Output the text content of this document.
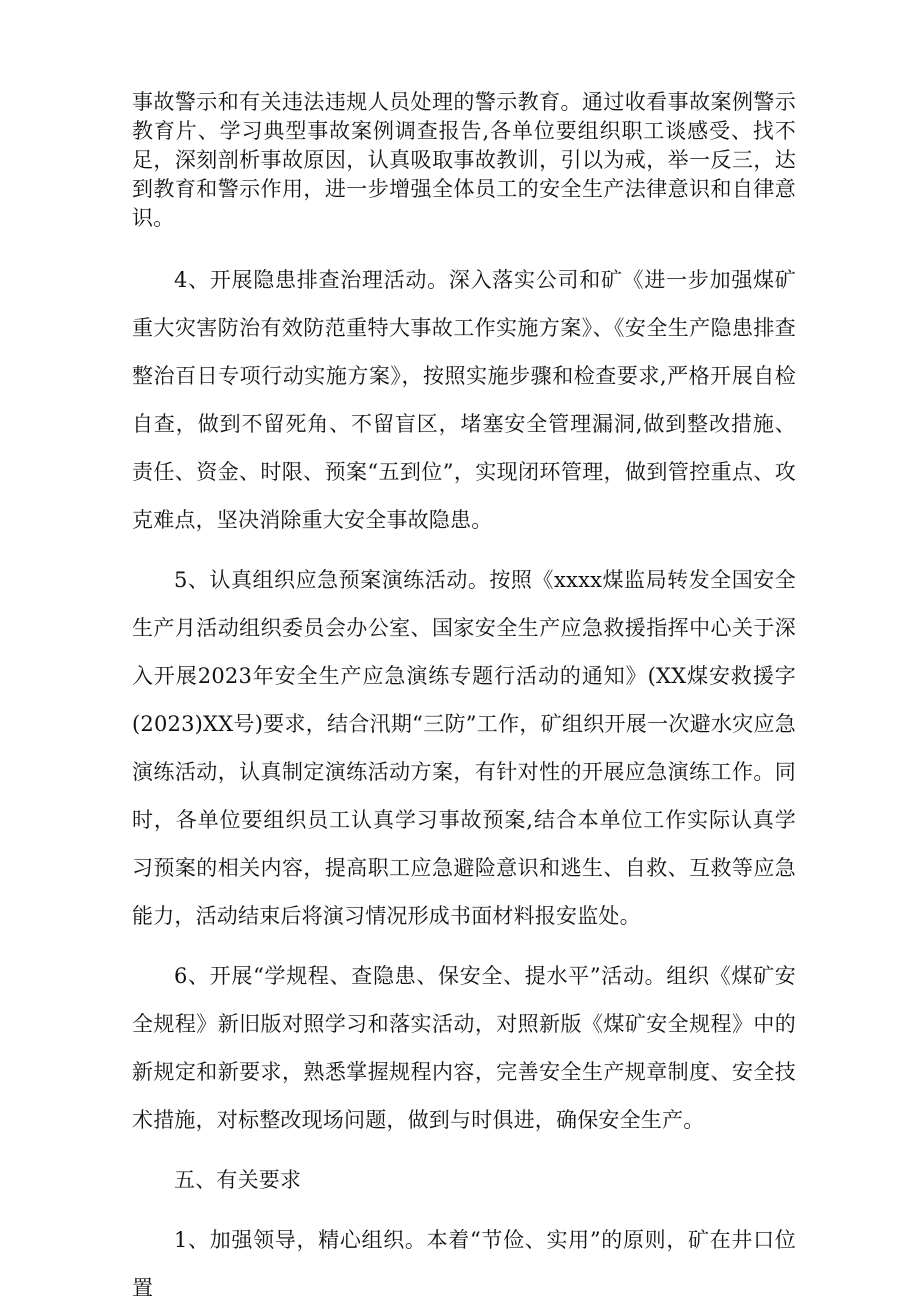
事故警示和有关违法违规人员处理的警示教育。通过收看事故案例警示教育片、学习典型事故案例调查报告,各单位要组织职工谈感受、找不足，深刻剖析事故原因，认真吸取事故教训，引以为戒，举一反三，达到教育和警示作用，进一步增强全体员工的安全生产法律意识和自律意识。

4、开展隐患排查治理活动。深入落实公司和矿《进一步加强煤矿重大灾害防治有效防范重特大事故工作实施方案》、《安全生产隐患排查整治百日专项行动实施方案》，按照实施步骤和检查要求,严格开展自检自查，做到不留死角、不留盲区，堵塞安全管理漏洞,做到整改措施、责任、资金、时限、预案“五到位”，实现闭环管理，做到管控重点、攻克难点，坚决消除重大安全事故隐患。

5、认真组织应急预案演练活动。按照《xxxx煤监局转发全国安全生产月活动组织委员会办公室、国家安全生产应急救援指挥中心关于深入开展2023年安全生产应急演练专题行活动的通知》(XX煤安救援字(2023)XX号)要求，结合汛期“三防”工作，矿组织开展一次避水灾应急演练活动，认真制定演练活动方案，有针对性的开展应急演练工作。同时，各单位要组织员工认真学习事故预案,结合本单位工作实际认真学习预案的相关内容，提高职工应急避险意识和逃生、自救、互救等应急能力，活动结束后将演习情况形成书面材料报安监处。

6、开展“学规程、查隐患、保安全、提水平”活动。组织《煤矿安全规程》新旧版对照学习和落实活动，对照新版《煤矿安全规程》中的新规定和新要求，熟悉掌握规程内容，完善安全生产规章制度、安全技术措施，对标整改现场问题，做到与时俱进，确保安全生产。

五、有关要求

1、加强领导，精心组织。本着“节俭、实用”的原则，矿在井口位置
